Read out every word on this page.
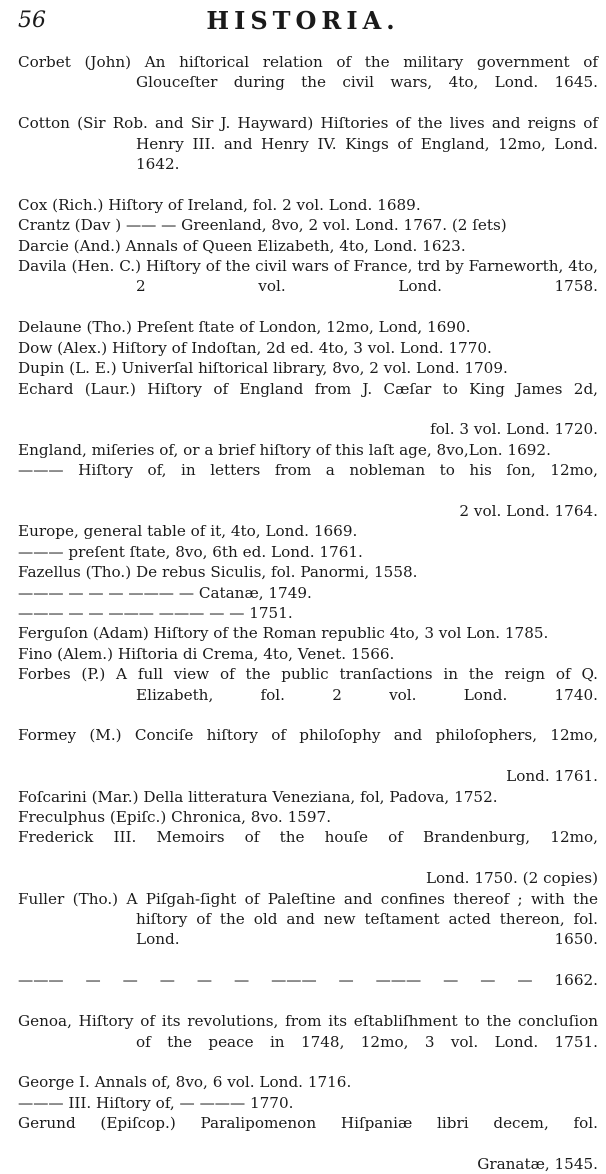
56	HISTORIA.
Corbet (John) An hiſtorical relation of the military government of Glouceſter during the civil wars, 4to, Lond. 1645.
Cotton (Sir Rob. and Sir J. Hayward) Hiſtories of the lives and reigns of Henry III. and Henry IV. Kings of England, 12mo, Lond. 1642.
Cox (Rich.) Hiſtory of Ireland, fol. 2 vol. Lond. 1689.
Crantz (Dav ) —— — Greenland, 8vo, 2 vol. Lond. 1767. (2 ſets)
Darcie (And.) Annals of Queen Elizabeth, 4to, Lond. 1623.
Davila (Hen. C.) Hiſtory of the civil wars of France, trd by Farneworth, 4to, 2 vol. Lond. 1758.
Delaune (Tho.) Preſent ſtate of London, 12mo, Lond, 1690.
Dow (Alex.) Hiſtory of Indoſtan, 2d ed. 4to, 3 vol. Lond. 1770.
Dupin (L. E.) Univerſal hiſtorical library, 8vo, 2 vol. Lond. 1709.
Echard (Laur.) Hiſtory of England from J. Cæſar to King James 2d,
fol. 3 vol. Lond. 1720.
England, miſeries of, or a brief hiſtory of this laſt age, 8vo,Lon. 1692.
——— Hiſtory of, in letters from a nobleman to his ſon, 12mo,
2 vol. Lond. 1764.
Europe, general table of it, 4to, Lond. 1669.
——— preſent ſtate, 8vo, 6th ed. Lond. 1761.
Fazellus (Tho.) De rebus Siculis, fol. Panormi, 1558.
——— — — — ——— — Catanæ, 1749.
——— — — ——— ——— — — 1751.
Ferguſon (Adam) Hiſtory of the Roman republic 4to, 3 vol Lon. 1785.
Fino (Alem.) Hiſtoria di Crema, 4to, Venet. 1566.
Forbes (P.) A full view of the public tranſactions in the reign of Q. Elizabeth, fol. 2 vol. Lond. 1740.
Formey (M.) Conciſe hiſtory of philoſophy and philoſophers, 12mo,
Lond. 1761.
Foſcarini (Mar.) Della litteratura Veneziana, fol, Padova, 1752.
Freculphus (Epiſc.) Chronica, 8vo. 1597.
Frederick III. Memoirs of the houſe of Brandenburg, 12mo,
Lond. 1750. (2 copies)
Fuller (Tho.) A Piſgah-ſight of Paleſtine and confines thereof ; with the hiſtory of the old and new teſtament acted thereon, fol. Lond. 1650.
——— — — — — — ——— — ——— — — — 1662.
Genoa, Hiſtory of its revolutions, from its eſtabliſhment to the concluſion of the peace in 1748, 12mo, 3 vol. Lond. 1751.
George I. Annals of, 8vo, 6 vol. Lond. 1716.
——— III. Hiſtory of, — ——— 1770.
Gerund (Epiſcop.) Paralipomenon Hiſpaniæ libri decem, fol.
Granatæ, 1545.
